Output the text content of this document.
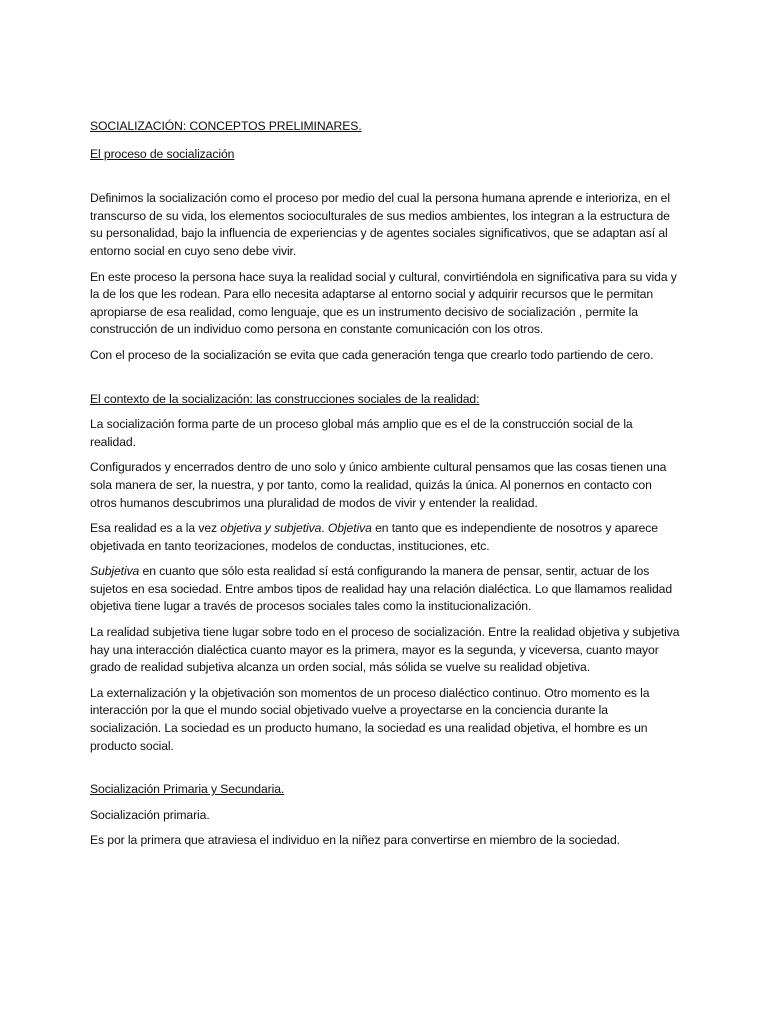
SOCIALIZACIÓN: CONCEPTOS PRELIMINARES.

El proceso de socialización

Definimos la socialización como el proceso por medio del cual la persona humana aprende e interioriza, en el transcurso de su vida, los elementos socioculturales de sus medios ambientes, los integran a la estructura de su personalidad, bajo la influencia de experiencias y de agentes sociales significativos, que se adaptan así al entorno social en cuyo seno debe vivir.

En este proceso la persona hace suya la realidad social y cultural, convirtiéndola en significativa para su vida y la de los que les rodean. Para ello necesita adaptarse al entorno social y adquirir recursos que le permitan apropiarse de esa realidad, como lenguaje, que es un instrumento decisivo de socialización , permite la construcción de un individuo como persona en constante comunicación con los otros.

Con el proceso de la socialización se evita que cada generación tenga que crearlo todo partiendo de cero.

El contexto de la socialización: las construcciones sociales de la realidad:

La socialización forma parte de un proceso global más amplio que es el de la construcción social de la realidad.

Configurados y encerrados dentro de uno solo y único ambiente cultural pensamos que las cosas tienen una sola manera de ser, la nuestra, y por tanto, como la realidad, quizás la única. Al ponernos en contacto con otros humanos descubrimos una pluralidad de modos de vivir y entender la realidad.

Esa realidad es a la vez objetiva y subjetiva. Objetiva en tanto que es independiente de nosotros y aparece objetivada en tanto teorizaciones, modelos de conductas, instituciones, etc.

Subjetiva en cuanto que sólo esta realidad sí está configurando la manera de pensar, sentir, actuar de los sujetos en esa sociedad. Entre ambos tipos de realidad hay una relación dialéctica. Lo que llamamos realidad objetiva tiene lugar a través de procesos sociales tales como la institucionalización.

La realidad subjetiva tiene lugar sobre todo en el proceso de socialización. Entre la realidad objetiva y subjetiva hay una interacción dialéctica cuanto mayor es la primera, mayor es la segunda, y viceversa, cuanto mayor grado de realidad subjetiva alcanza un orden social, más sólida se vuelve su realidad objetiva.

La externalización y la objetivación son momentos de un proceso dialéctico continuo. Otro momento es la interacción por la que el mundo social objetivado vuelve a proyectarse en la conciencia durante la socialización. La sociedad es un producto humano, la sociedad es una realidad objetiva, el hombre es un producto social.

Socialización Primaria y Secundaria.

Socialización primaria.

Es por la primera que atraviesa el individuo en la niñez para convertirse en miembro de la sociedad.
